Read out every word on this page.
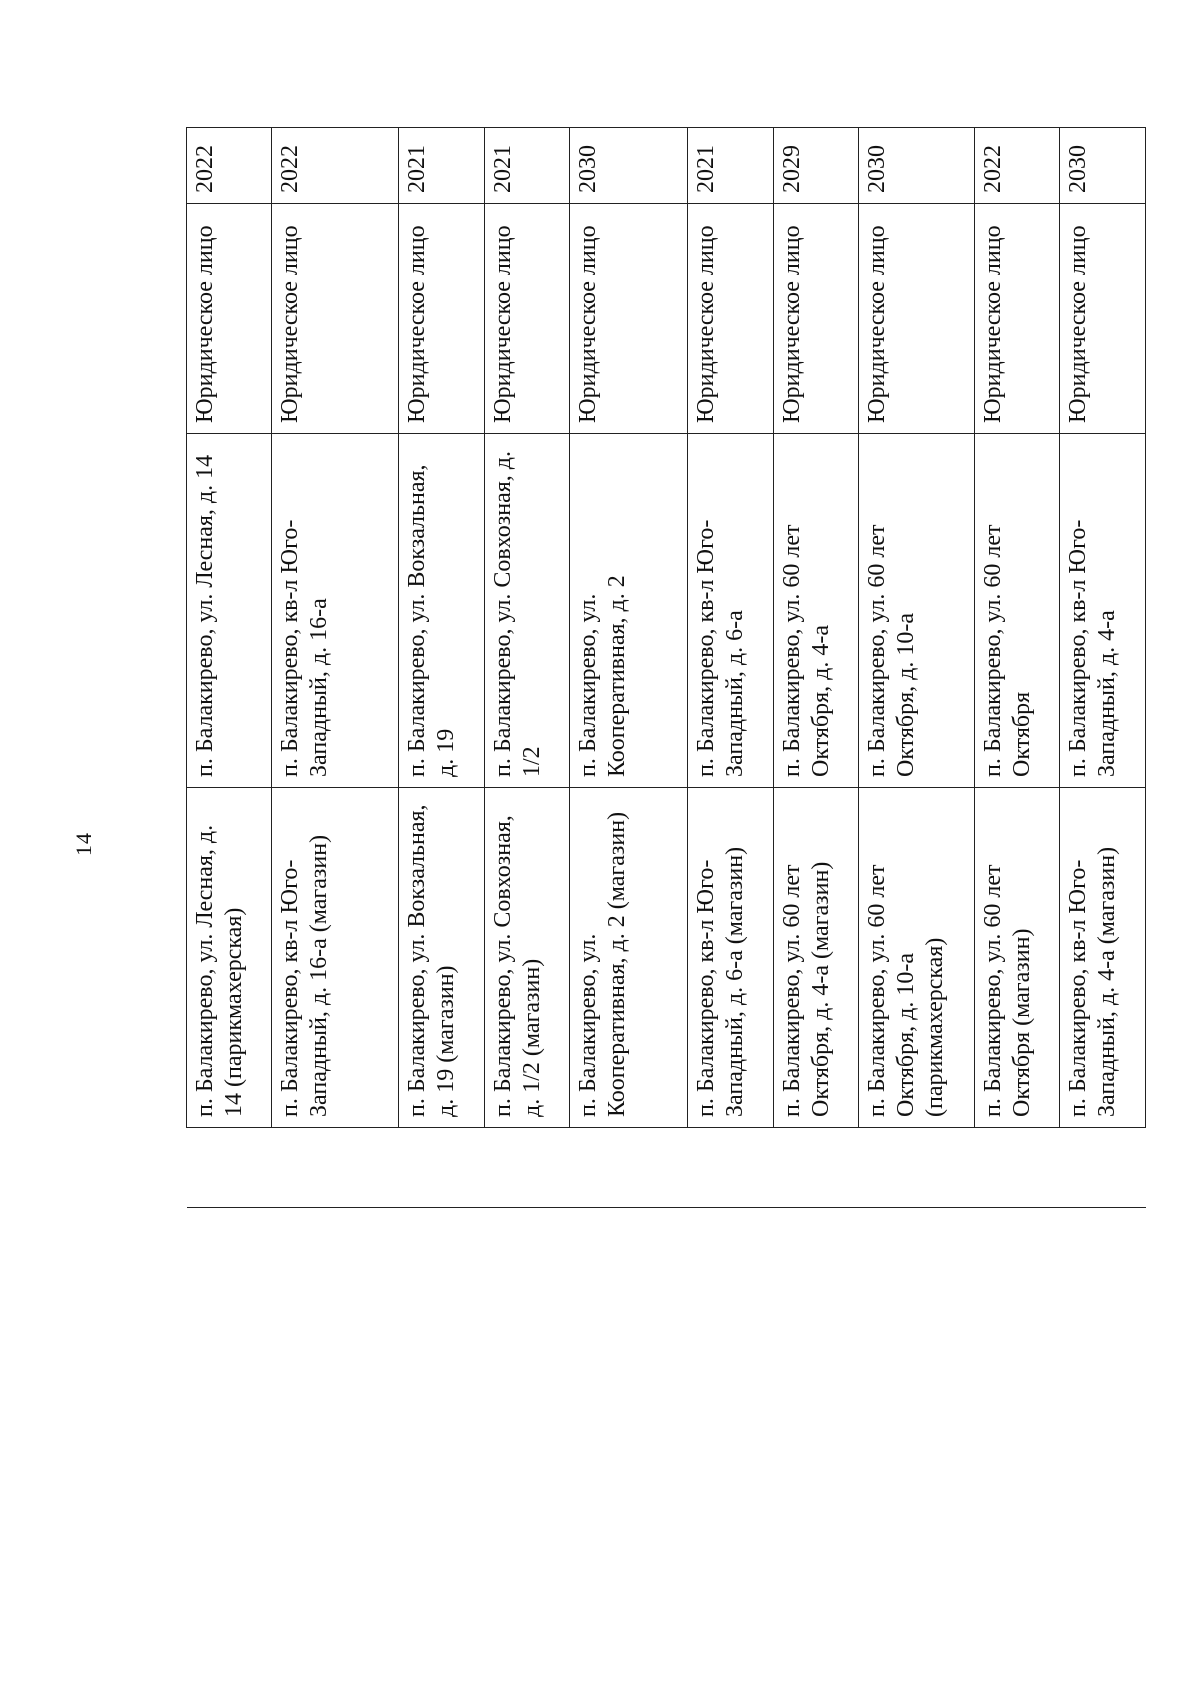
14
		п. Балакирево, ул. Лесная, д. 14 (парикмахерская)	п. Балакирево, ул. Лесная, д. 14	Юридическое лицо	2022
	п. Балакирево, кв-л Юго-Западный, д. 16-а (магазин)	п. Балакирево, кв-л Юго-Западный, д. 16-а	Юридическое лицо	2022
	п. Балакирево, ул. Вокзальная, д. 19 (магазин)	п. Балакирево, ул. Вокзальная, д. 19	Юридическое лицо	2021
	п. Балакирево, ул. Совхозная, д. 1/2 (магазин)	п. Балакирево, ул. Совхозная, д. 1/2	Юридическое лицо	2021
	п. Балакирево, ул. Кооперативная, д. 2 (магазин)	п. Балакирево, ул. Кооперативная, д. 2	Юридическое лицо	2030
	п. Балакирево, кв-л Юго-Западный, д. 6-а (магазин)	п. Балакирево, кв-л Юго-Западный, д. 6-а	Юридическое лицо	2021
	п. Балакирево, ул. 60 лет Октября, д. 4-а (магазин)	п. Балакирево, ул. 60 лет Октября, д. 4-а	Юридическое лицо	2029
	п. Балакирево, ул. 60 лет Октября, д. 10-а (парикмахерская)	п. Балакирево, ул. 60 лет Октября, д. 10-а	Юридическое лицо	2030
	п. Балакирево, ул. 60 лет Октября (магазин)	п. Балакирево, ул. 60 лет Октября	Юридическое лицо	2022
	п. Балакирево, кв-л Юго-Западный, д. 4-а (магазин)	п. Балакирево, кв-л Юго-Западный, д. 4-а	Юридическое лицо	2030
